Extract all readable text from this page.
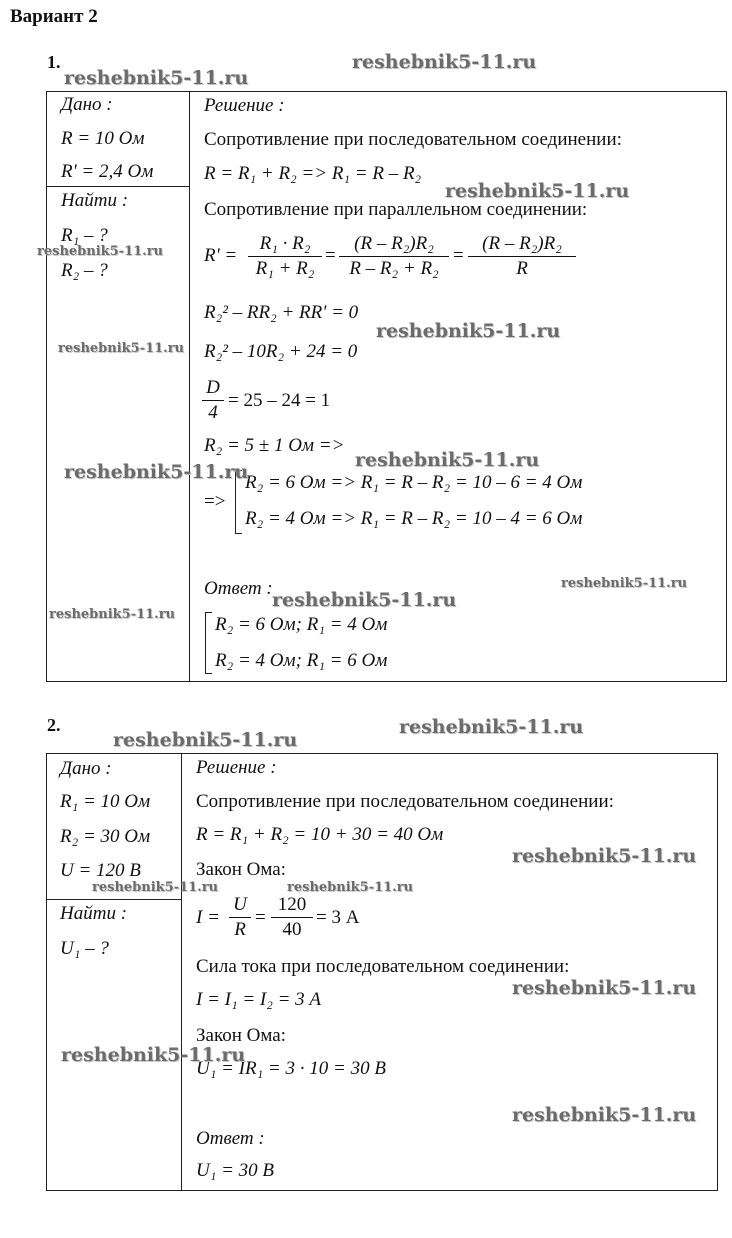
Вариант 2
1.
Дано :
R = 10 Ом
R' = 2,4 Ом
Найти :
R₁ – ?
R₂ – ?
Решение :
Сопротивление при последовательном соединении:
R = R₁ + R₂ => R₁ = R – R₂
Сопротивление при параллельном соединении:
$R' = \frac{\text{R₁ · R₂}}{\text{R₁ + R₂}} = \frac{\text{(R – R₂)R₂}}{\text{R – R₂ + R₂}} = \frac{\text{(R – R₂)R₂}}{R}$
R₂² – RR₂ + RR' = 0
R₂² – 10R₂ + 24 = 0
$\frac{D}{4} = 25 - 24 = 1$
R₂ = 5 ± 1 Ом =>
=>
R₂ = 6 Ом => R₁ = R – R₂ = 10 – 6 = 4 Ом
R₂ = 4 Ом => R₁ = R – R₂ = 10 – 4 = 6 Ом
Ответ :
R₂ = 6 Ом; R₁ = 4 Ом
R₂ = 4 Ом; R₁ = 6 Ом
2.
Дано :
R₁ = 10 Ом
R₂ = 30 Ом
U = 120 В
Найти :
U₁ – ?
Решение :
Сопротивление при последовательном соединении:
R = R₁ + R₂ = 10 + 30 = 40 Ом
Закон Ома:
$I = \frac{U}{R} = \frac{120}{40} = 3$ А
Сила тока при последовательном соединении:
I = I₁ = I₂ = 3 А
Закон Ома:
U₁ = IR₁ = 3 · 10 = 30 В
Ответ :
U₁ = 30 В
reshebnik5-11.ru
reshebnik5-11.ru
reshebnik5-11.ru
reshebnik5-11.ru
reshebnik5-11.ru
reshebnik5-11.ru
reshebnik5-11.ru
reshebnik5-11.ru
reshebnik5-11.ru
reshebnik5-11.ru
reshebnik5-11.ru
reshebnik5-11.ru
reshebnik5-11.ru
reshebnik5-11.ru
reshebnik5-11.ru	reshebnik5-11.ru
reshebnik5-11.ru
reshebnik5-11.ru
reshebnik5-11.ru
